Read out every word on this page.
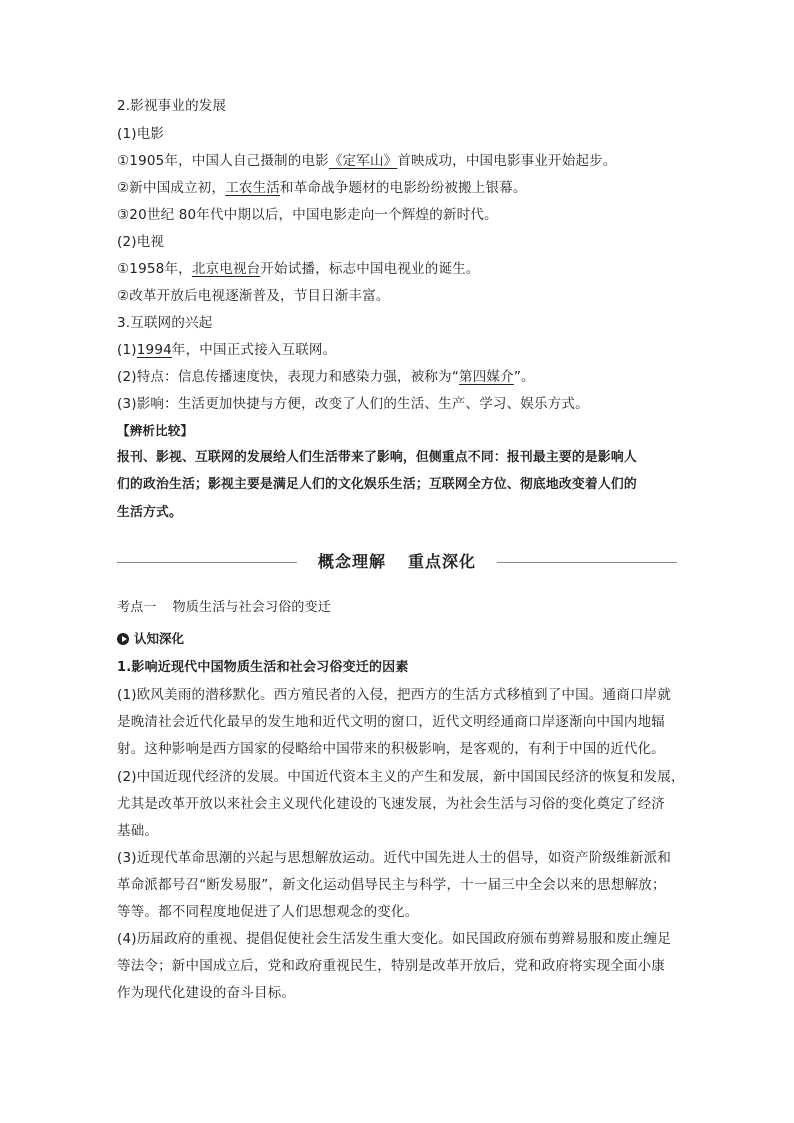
2.影视事业的发展
(1)电影
①1905年，中国人自己摄制的电影《定军山》首映成功，中国电影事业开始起步。
②新中国成立初，工农生活和革命战争题材的电影纷纷被搬上银幕。
③20世纪 80年代中期以后，中国电影走向一个辉煌的新时代。
(2)电视
①1958年，北京电视台开始试播，标志中国电视业的诞生。
②改革开放后电视逐渐普及，节目日渐丰富。
3.互联网的兴起
(1)1994年，中国正式接入互联网。
(2)特点：信息传播速度快，表现力和感染力强，被称为“第四媒介”。
(3)影响：生活更加快捷与方便，改变了人们的生活、生产、学习、娱乐方式。
【辨析比较】
报刊、影视、互联网的发展给人们生活带来了影响，但侧重点不同：报刊最主要的是影响人
们的政治生活；影视主要是满足人们的文化娱乐生活；互联网全方位、彻底地改变着人们的
生活方式。
概念理解 重点深化
考点一 物质生活与社会习俗的变迁
认知深化
1.影响近现代中国物质生活和社会习俗变迁的因素
(1)欧风美雨的潜移默化。西方殖民者的入侵，把西方的生活方式移植到了中国。通商口岸就
是晚清社会近代化最早的发生地和近代文明的窗口，近代文明经通商口岸逐渐向中国内地辐
射。这种影响是西方国家的侵略给中国带来的积极影响，是客观的，有利于中国的近代化。
(2)中国近现代经济的发展。中国近代资本主义的产生和发展，新中国国民经济的恢复和发展，
尤其是改革开放以来社会主义现代化建设的飞速发展，为社会生活与习俗的变化奠定了经济
基础。
(3)近现代革命思潮的兴起与思想解放运动。近代中国先进人士的倡导，如资产阶级维新派和
革命派都号召“断发易服”，新文化运动倡导民主与科学，十一届三中全会以来的思想解放；
等等。都不同程度地促进了人们思想观念的变化。
(4)历届政府的重视、提倡促使社会生活发生重大变化。如民国政府颁布剪辫易服和废止缠足
等法令；新中国成立后，党和政府重视民生，特别是改革开放后，党和政府将实现全面小康
作为现代化建设的奋斗目标。
